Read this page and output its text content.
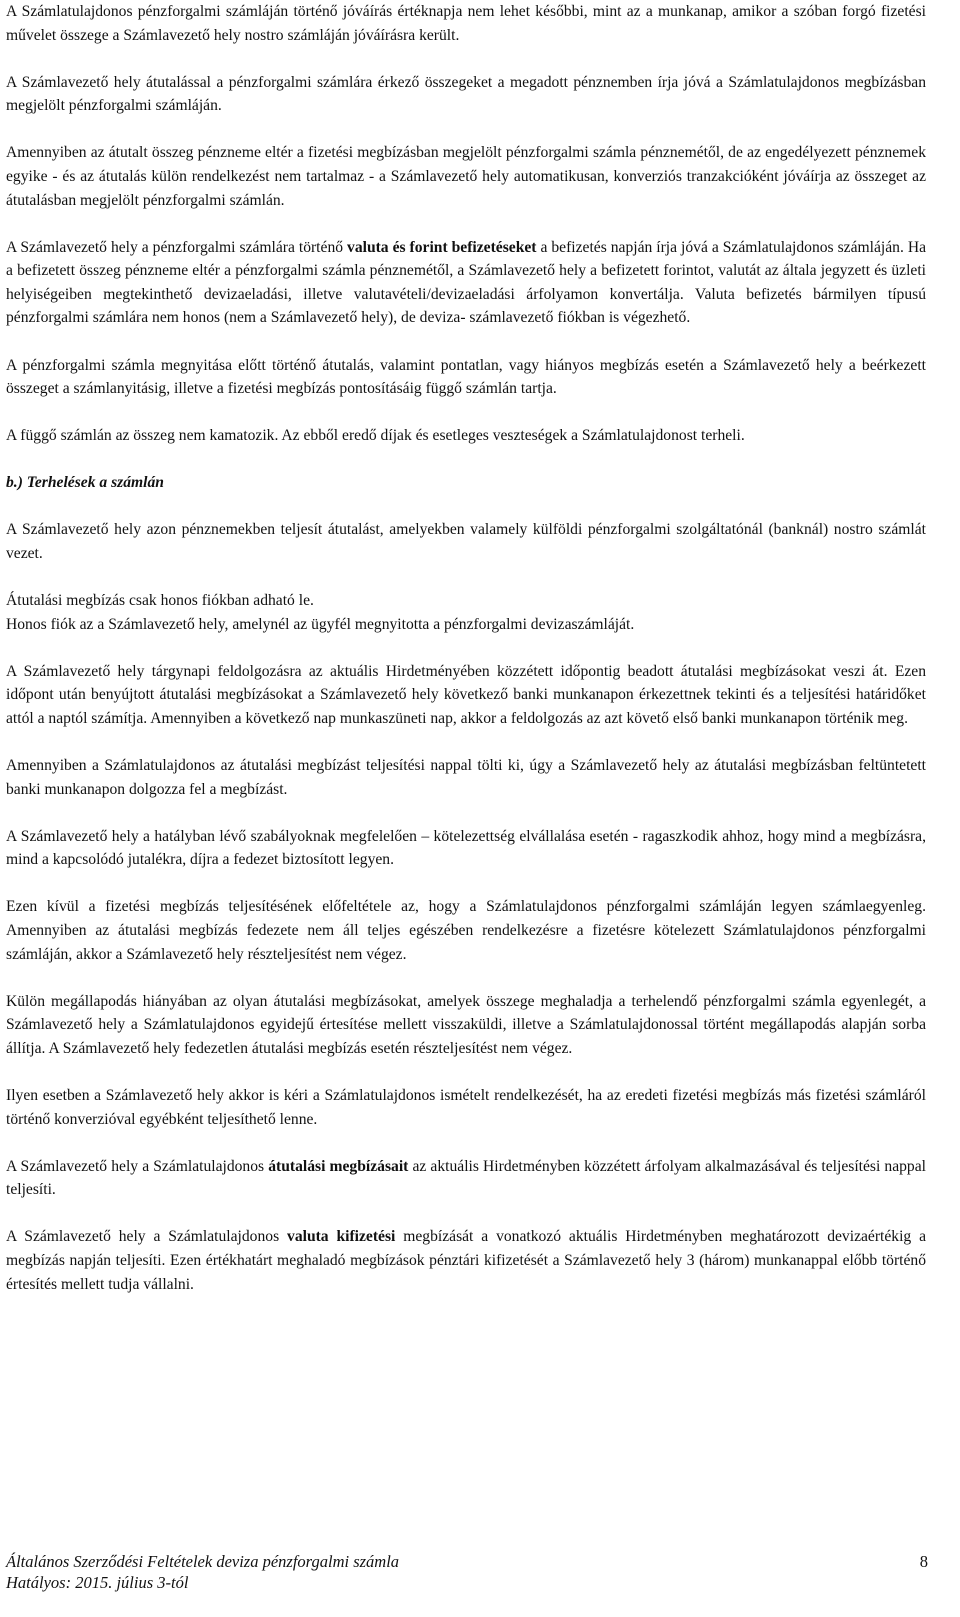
A Számlatulajdonos pénzforgalmi számláján történő jóváírás értéknapja nem lehet későbbi, mint az a munkanap, amikor a szóban forgó fizetési művelet összege a Számlavezető hely nostro számláján jóváírásra került.

A Számlavezető hely átutalással a pénzforgalmi számlára érkező összegeket a megadott pénznemben írja jóvá a Számlatulajdonos megbízásban megjelölt pénzforgalmi számláján.

Amennyiben az átutalt összeg pénzneme eltér a fizetési megbízásban megjelölt pénzforgalmi számla pénznemétől, de az engedélyezett pénznemek egyike - és az átutalás külön rendelkezést nem tartalmaz - a Számlavezető hely automatikusan, konverziós tranzakcióként jóváírja az összeget az átutalásban megjelölt pénzforgalmi számlán.

A Számlavezető hely a pénzforgalmi számlára történő valuta és forint befizetéseket a befizetés napján írja jóvá a Számlatulajdonos számláján. Ha a befizetett összeg pénzneme eltér a pénzforgalmi számla pénznemétől, a Számlavezető hely a befizetett forintot, valutát az általa jegyzett és üzleti helyiségeiben megtekinthető devizaeladási, illetve valutavételi/devizaeladási árfolyamon konvertálja. Valuta befizetés bármilyen típusú pénzforgalmi számlára nem honos (nem a Számlavezető hely), de deviza- számlavezető fiókban is végezhető.

A pénzforgalmi számla megnyitása előtt történő átutalás, valamint pontatlan, vagy hiányos megbízás esetén a Számlavezető hely a beérkezett összeget a számlanyitásig, illetve a fizetési megbízás pontosításáig függő számlán tartja.

A függő számlán az összeg nem kamatozik. Az ebből eredő díjak és esetleges veszteségek a Számlatulajdonost terheli.

b.) Terhelések a számlán

A Számlavezető hely azon pénznemekben teljesít átutalást, amelyekben valamely külföldi pénzforgalmi szolgáltatónál (banknál) nostro számlát vezet.

Átutalási megbízás csak honos fiókban adható le.

Honos fiók az a Számlavezető hely, amelynél az ügyfél megnyitotta a pénzforgalmi devizaszámláját.

A Számlavezető hely tárgynapi feldolgozásra az aktuális Hirdetményében közzétett időpontig beadott átutalási megbízásokat veszi át. Ezen időpont után benyújtott átutalási megbízásokat a Számlavezető hely következő banki munkanapon érkezettnek tekinti és a teljesítési határidőket attól a naptól számítja. Amennyiben a következő nap munkaszüneti nap, akkor a feldolgozás az azt követő első banki munkanapon történik meg.

Amennyiben a Számlatulajdonos az átutalási megbízást teljesítési nappal tölti ki, úgy a Számlavezető hely az átutalási megbízásban feltüntetett banki munkanapon dolgozza fel a megbízást.

A Számlavezető hely a hatályban lévő szabályoknak megfelelően – kötelezettség elvállalása esetén - ragaszkodik ahhoz, hogy mind a megbízásra, mind a kapcsolódó jutalékra, díjra a fedezet biztosított legyen.

Ezen kívül a fizetési megbízás teljesítésének előfeltétele az, hogy a Számlatulajdonos pénzforgalmi számláján legyen számlaegyenleg. Amennyiben az átutalási megbízás fedezete nem áll teljes egészében rendelkezésre a fizetésre kötelezett Számlatulajdonos pénzforgalmi számláján, akkor a Számlavezető hely részteljesítést nem végez.

Külön megállapodás hiányában az olyan átutalási megbízásokat, amelyek összege meghaladja a terhelendő pénzforgalmi számla egyenlegét, a Számlavezető hely a Számlatulajdonos egyidejű értesítése mellett visszaküldi, illetve a Számlatulajdonossal történt megállapodás alapján sorba állítja. A Számlavezető hely fedezetlen átutalási megbízás esetén részteljesítést nem végez.

Ilyen esetben a Számlavezető hely akkor is kéri a Számlatulajdonos ismételt rendelkezését, ha az eredeti fizetési megbízás más fizetési számláról történő konverzióval egyébként teljesíthető lenne.

A Számlavezető hely a Számlatulajdonos átutalási megbízásait az aktuális Hirdetményben közzétett árfolyam alkalmazásával és teljesítési nappal teljesíti.

A Számlavezető hely a Számlatulajdonos valuta kifizetési megbízását a vonatkozó aktuális Hirdetményben meghatározott devizaértékig a megbízás napján teljesíti. Ezen értékhatárt meghaladó megbízások pénztári kifizetését a Számlavezető hely 3 (három) munkanappal előbb történő értesítés mellett tudja vállalni.

Általános Szerződési Feltételek deviza pénzforgalmi számla
Hatályos: 2015. július 3-tól
8
